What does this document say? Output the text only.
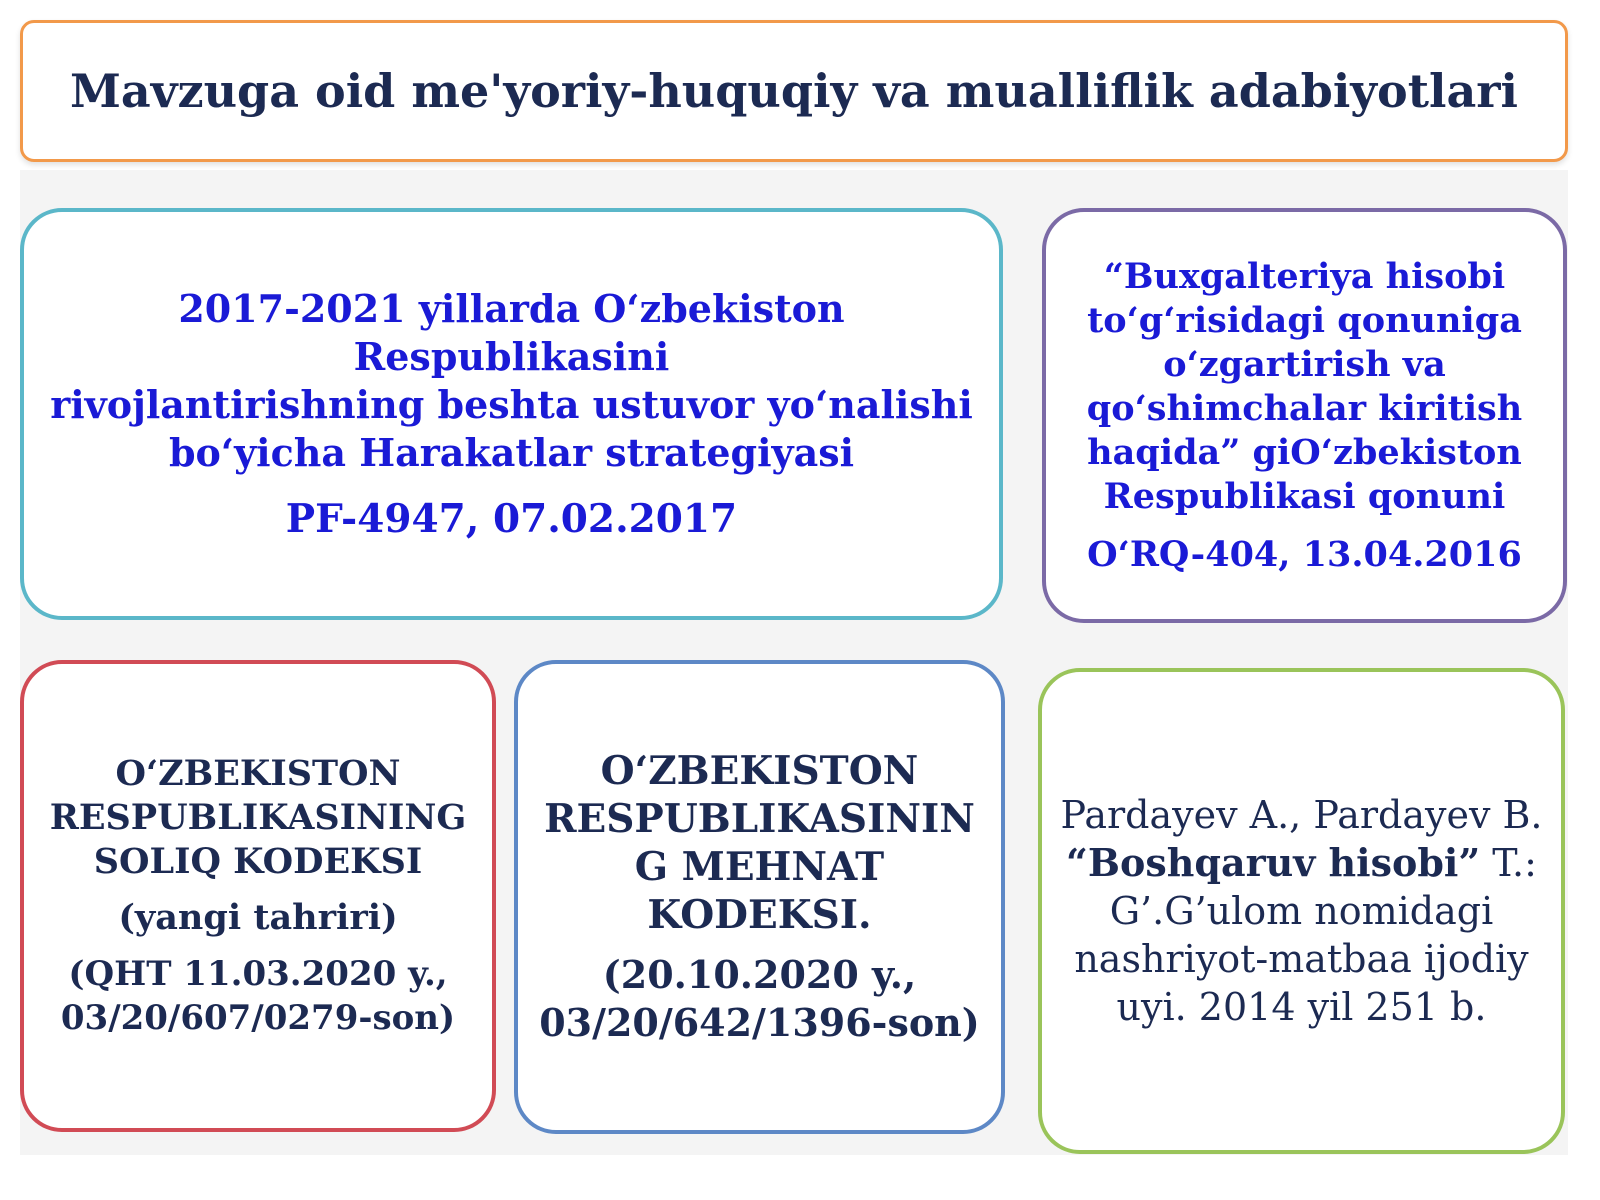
Mavzuga oid me'yoriy-huquqiy va mualliflik adabiyotlari

2017-2021 yillarda O‘zbekiston Respublikasini

rivojlantirishning beshta ustuvor yo‘nalishi

bo‘yicha Harakatlar strategiyasi

PF-4947, 07.02.2017

“Buxgalteriya hisobi

to‘g‘risidagi qonuniga

o‘zgartirish va

qo‘shimchalar kiritish

haqida” giO‘zbekiston

Respublikasi qonuni

O‘RQ-404, 13.04.2016

O‘ZBEKISTON

RESPUBLIKASINING

SOLIQ KODEKSI

(yangi tahriri)

(QHT 11.03.2020 y.,

03/20/607/0279-son)

O‘ZBEKISTON

RESPUBLIKASININ

G MEHNAT

KODEKSI.

(20.10.2020 y.,

03/20/642/1396-son)

Pardayev A., Pardayev B.

“Boshqaruv hisobi” T.:

G’.G’ulom nomidagi

nashriyot-matbaa ijodiy

uyi. 2014 yil 251 b.
